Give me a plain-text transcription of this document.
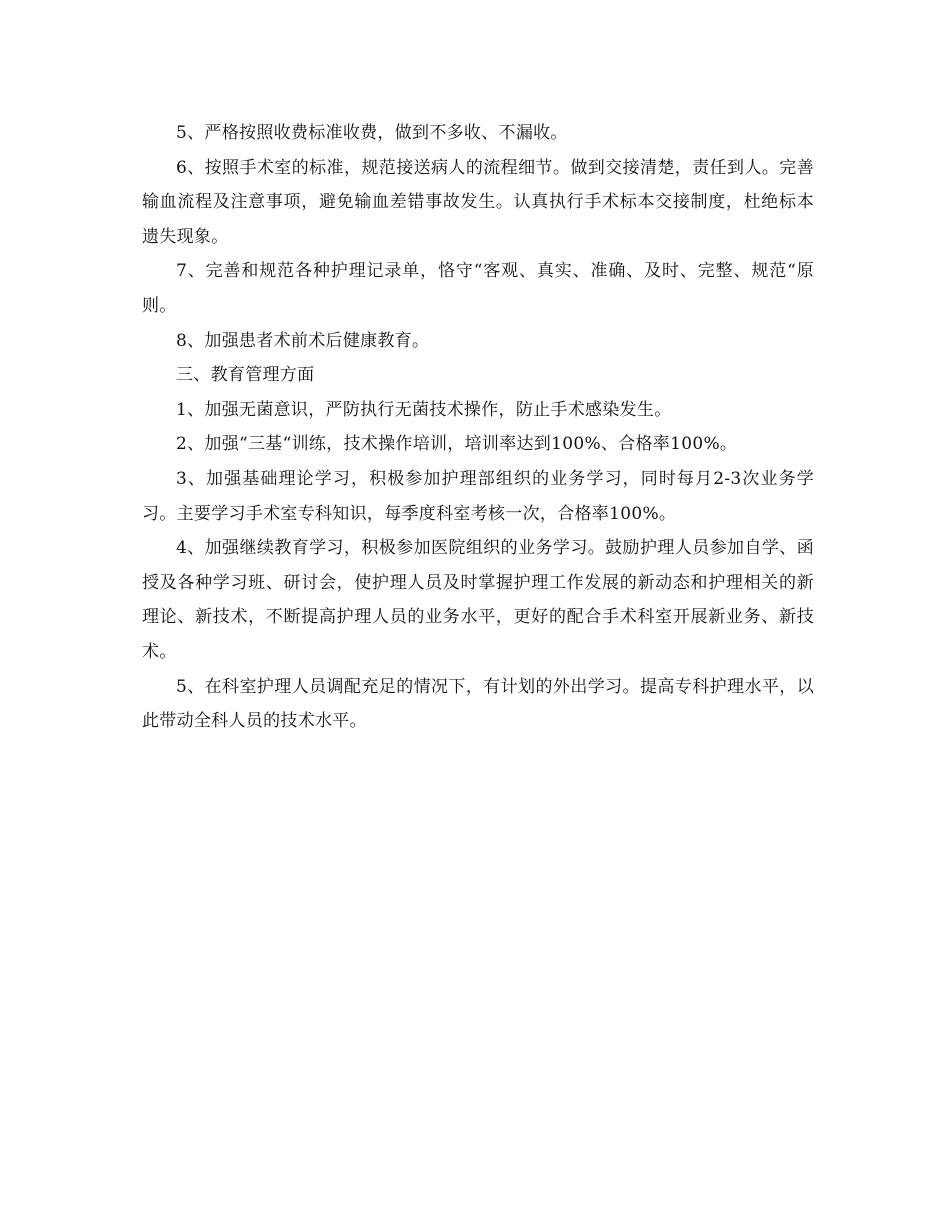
5、严格按照收费标准收费，做到不多收、不漏收。

6、按照手术室的标准，规范接送病人的流程细节。做到交接清楚，责任到人。完善输血流程及注意事项，避免输血差错事故发生。认真执行手术标本交接制度，杜绝标本遗失现象。

7、完善和规范各种护理记录单，恪守“客观、真实、准确、及时、完整、规范“原则。

8、加强患者术前术后健康教育。

三、教育管理方面

1、加强无菌意识，严防执行无菌技术操作，防止手术感染发生。

2、加强“三基“训练，技术操作培训，培训率达到100%、合格率100%。

3、加强基础理论学习，积极参加护理部组织的业务学习，同时每月2-3次业务学习。主要学习手术室专科知识，每季度科室考核一次，合格率100%。

4、加强继续教育学习，积极参加医院组织的业务学习。鼓励护理人员参加自学、函授及各种学习班、研讨会，使护理人员及时掌握护理工作发展的新动态和护理相关的新理论、新技术，不断提高护理人员的业务水平，更好的配合手术科室开展新业务、新技术。

5、在科室护理人员调配充足的情况下，有计划的外出学习。提高专科护理水平，以此带动全科人员的技术水平。
